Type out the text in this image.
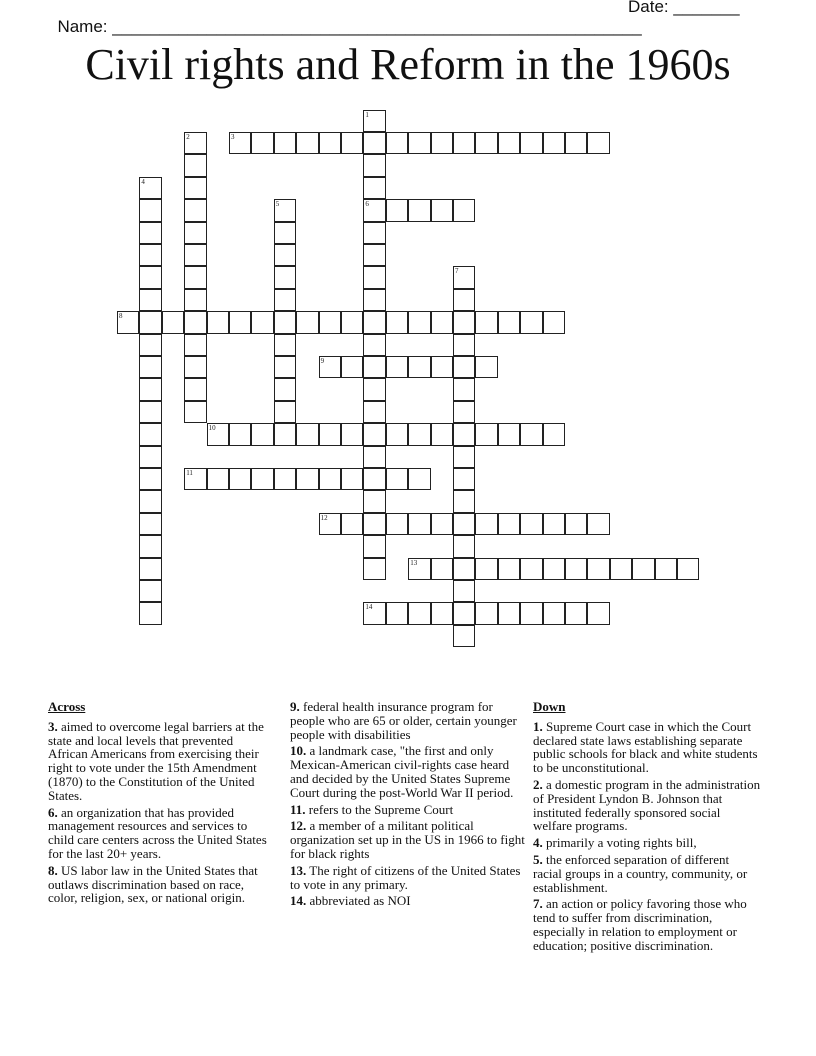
Name: ________________________________________________________

Date: _______

Civil rights and Reform in the 1960s
1
6
2	3
4
5
7
8
9
10
11
12
13
14
Across
3. aimed to overcome legal barriers at the state and local levels that prevented African Americans from exercising their right to vote under the 15th Amendment (1870) to the Constitution of the United States.
6. an organization that has provided management resources and services to child care centers across the United States for the last 20+ years.
8. US labor law in the United States that outlaws discrimination based on race, color, religion, sex, or national origin.
9. federal health insurance program for people who are 65 or older, certain younger people with disabilities
10. a landmark case, "the first and only Mexican-American civil-rights case heard and decided by the United States Supreme Court during the post-World War II period.
11. refers to the Supreme Court
12. a member of a militant political organization set up in the US in 1966 to fight for black rights
13. The right of citizens of the United States to vote in any primary.
14. abbreviated as NOI
Down
1. Supreme Court case in which the Court declared state laws establishing separate public schools for black and white students to be unconstitutional.
2. a domestic program in the administration of President Lyndon B. Johnson that instituted federally sponsored social welfare programs.
4. primarily a voting rights bill,
5. the enforced separation of different racial groups in a country, community, or establishment.
7. an action or policy favoring those who tend to suffer from discrimination, especially in relation to employment or education; positive discrimination.
